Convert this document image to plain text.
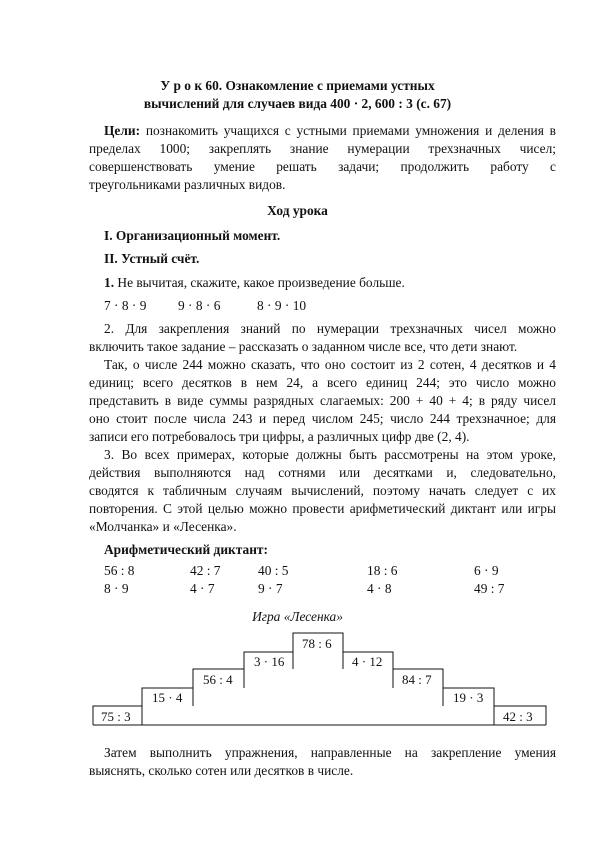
У р о к 60. Ознакомление с приемами устных
вычислений для случаев вида 400 · 2, 600 : 3 (с. 67)
Цели: познакомить учащихся с устными приемами умножения и деления в
пределах 1000; закреплять знание нумерации трехзначных чисел;
совершенствовать умение решать задачи; продолжить работу с
треугольниками различных видов.
Ход урока
I. Организационный момент.
II. Устный счёт.
1. Не вычитая, скажите, какое произведение больше.
7 · 8 · 9 9 · 8 · 6	8 · 9 · 10
2. Для закрепления знаний по нумерации трехзначных чисел можно
включить такое задание – рассказать о заданном числе все, что дети знают.
Так, о числе 244 можно сказать, что оно состоит из 2 сотен, 4 десятков и 4
единиц; всего десятков в нем 24, а всего единиц 244; это число можно
представить в виде суммы разрядных слагаемых: 200 + 40 + 4; в ряду чисел
оно стоит после числа 243 и перед числом 245; число 244 трехзначное; для
записи его потребовалось три цифры, а различных цифр две (2, 4).
3. Во всех примерах, которые должны быть рассмотрены на этом уроке,
действия выполняются над сотнями или десятками и, следовательно,
сводятся к табличным случаям вычислений, поэтому начать следует с их
повторения. С этой целью можно провести арифметический диктант или игры
«Молчанка» и «Лесенка».
Арифметический диктант:
56 : 8	42 : 7	40 : 5	18 : 6	6 · 9
8 · 9	4 · 7	9 · 7	4 · 8	49 : 7
Игра «Лесенка»
75 : 3
15 · 4
56 : 4
3 · 16
78 : 6
4 · 12
84 : 7
19 · 3
42 : 3
Затем выполнить упражнения, направленные на закрепление умения
выяснять, сколько сотен или десятков в числе.
